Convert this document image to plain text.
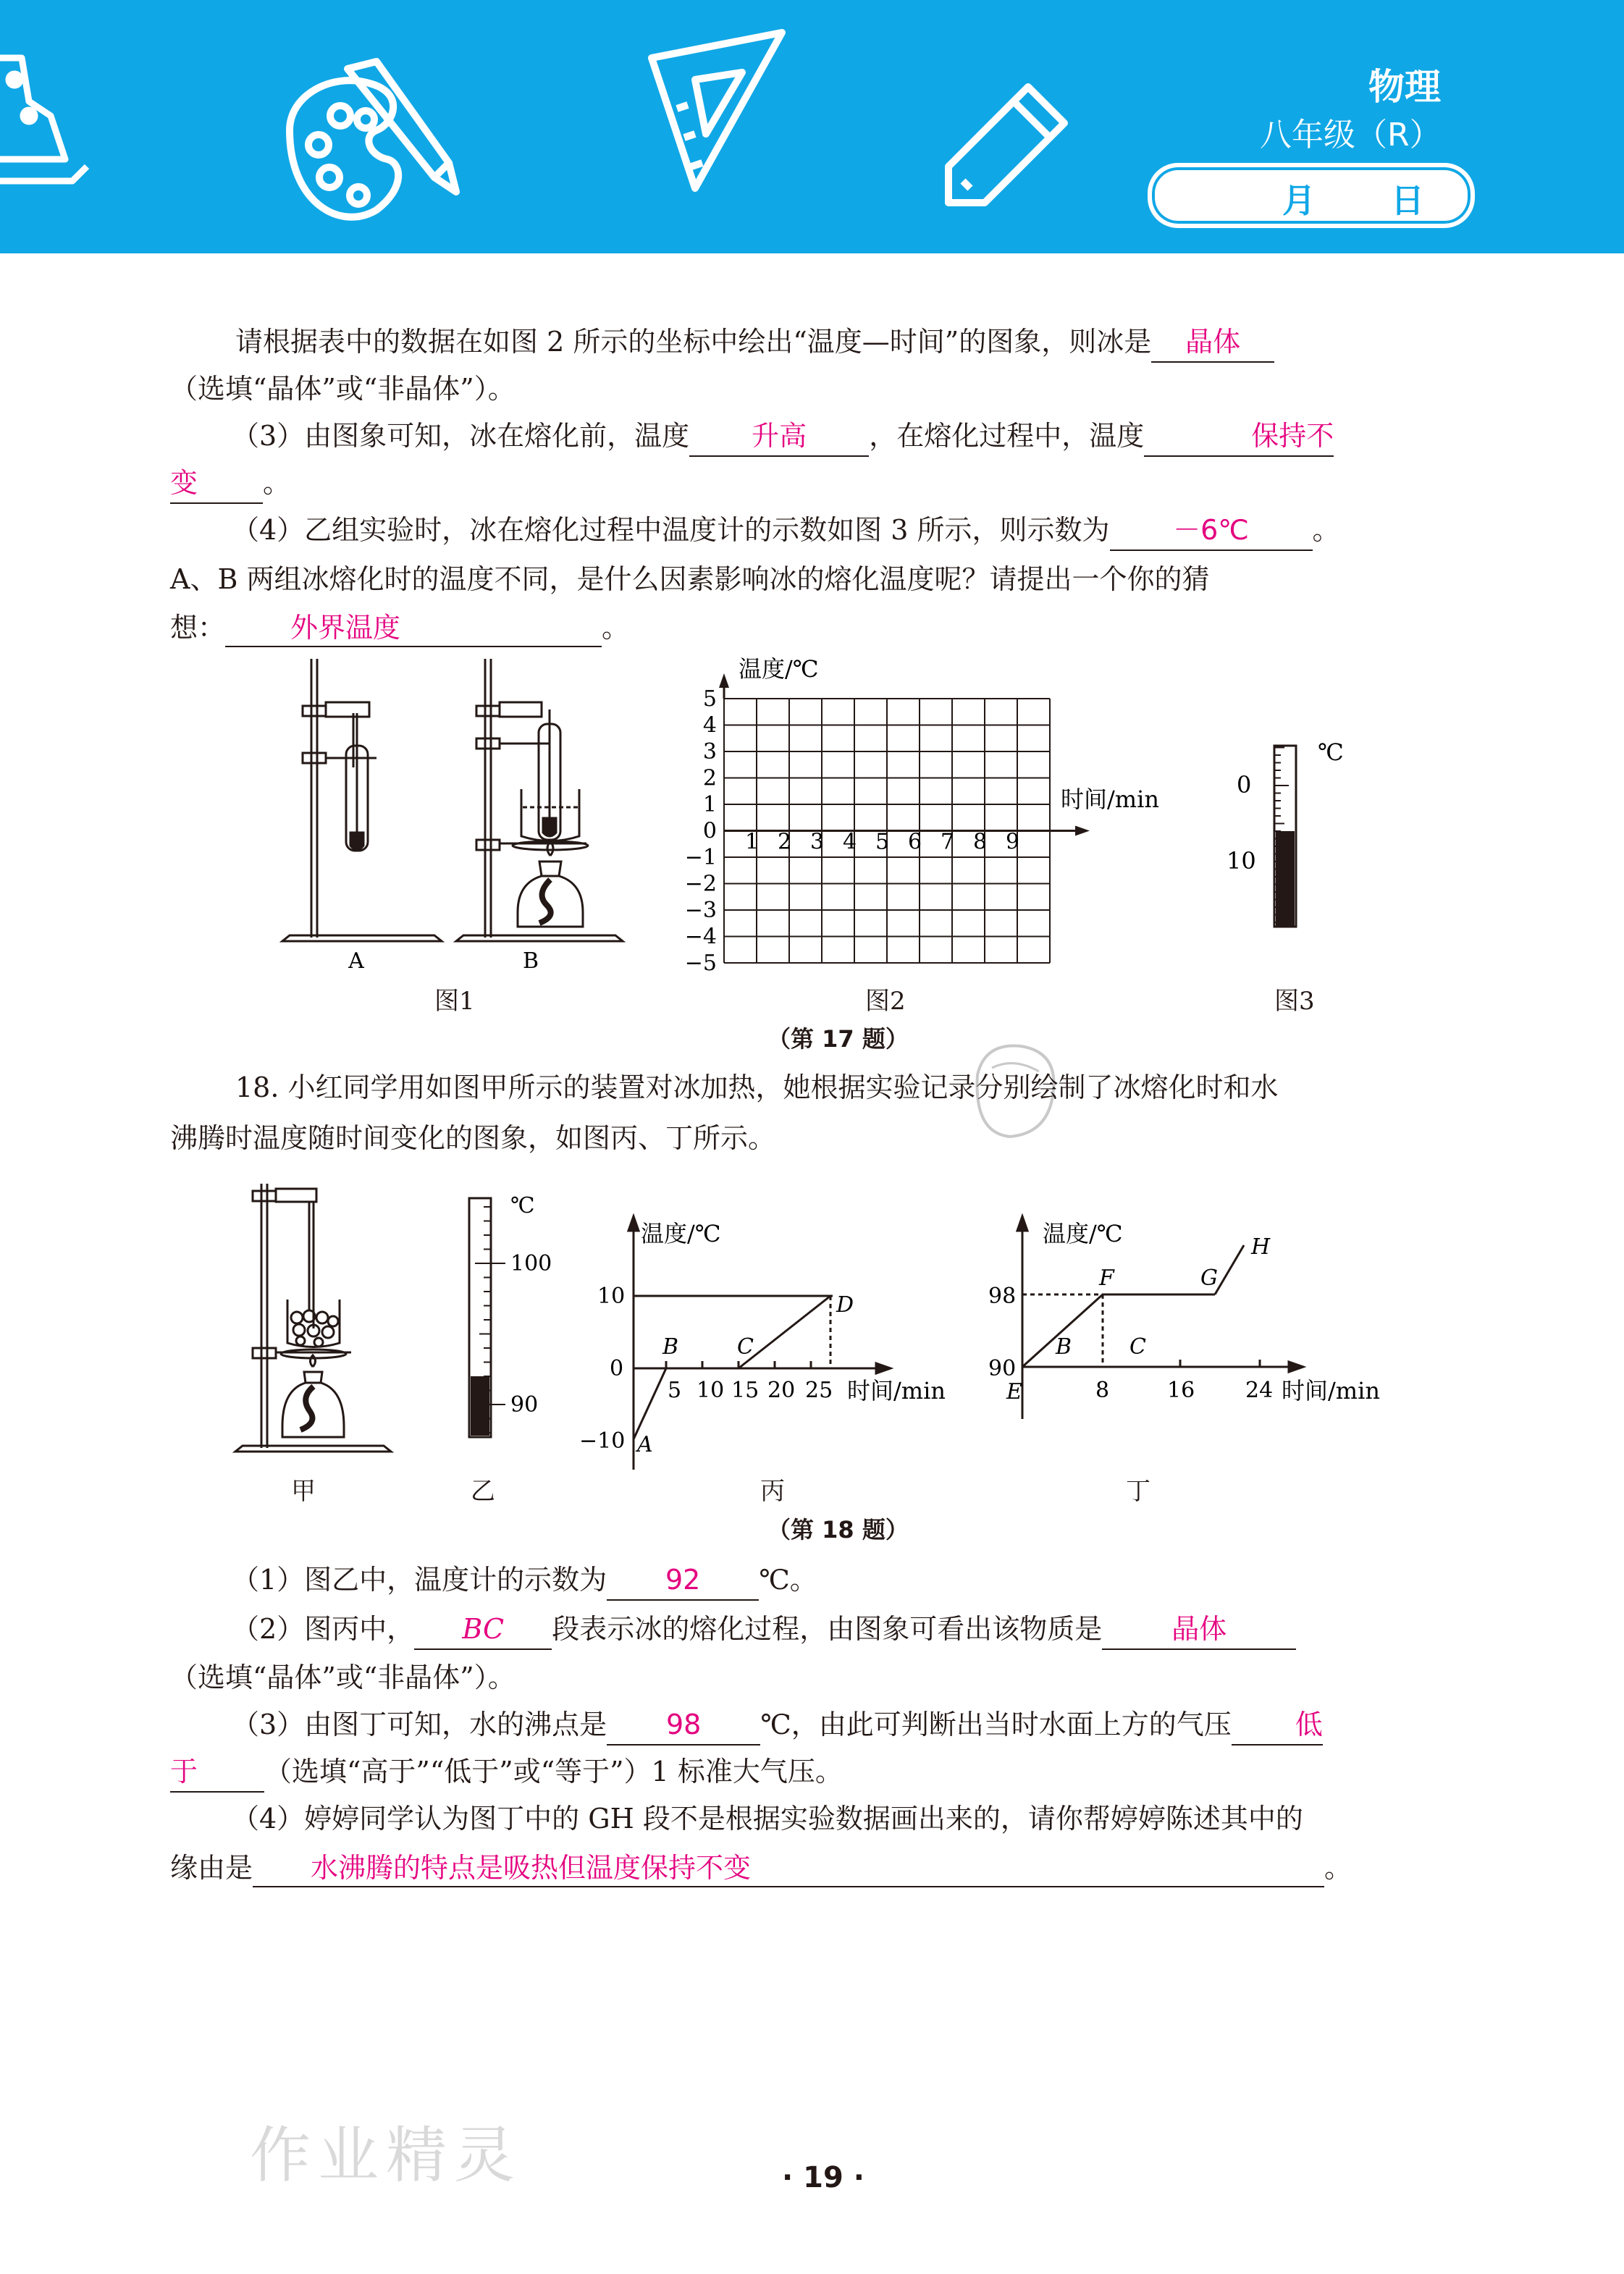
物理
八年级（R）
月 日
请根据表中的数据在如图 2 所示的坐标中绘出“温度—时间”的图象，则冰是 晶体
（选填“晶体”或“非晶体”）。
（3）由图象可知，冰在熔化前，温度 升高 ，在熔化过程中，温度	保持不
变 。
（4）乙组实验时，冰在熔化过程中温度计的示数如图 3 所示，则示数为 －6℃ 。
A、B 两组冰熔化时的温度不同，是什么因素影响冰的熔化温度呢？请提出一个你的猜
想： 外界温度	。
A	B
图1
温度/℃
时间/min
5
4
3
2
1
0
−1
−2
−3
−4
−5
1 2 3 4 5 6 7 8 9
图2
℃
0
10
图3
（第 17 题）
18. 小红同学用如图甲所示的装置对冰加热，她根据实验记录分别绘制了冰熔化时和水
沸腾时温度随时间变化的图象，如图丙、丁所示。
℃
100
90
温度/℃
时间/min
10
0
−10
5 10 15 20 25
A
B	C
D
温度/℃
时间/min
98
90
8	16 24
E
B	C
F	G
H
甲	乙	丙	丁
（第 18 题）
（1）图乙中，温度计的示数为 92 ℃。
（2）图丙中， BC 段表示冰的熔化过程，由图象可看出该物质是	晶体
（选填“晶体”或“非晶体”）。
（3）由图丁可知，水的沸点是 98 ℃，由此可判断出当时水面上方的气压 低
于 （选填“高于”“低于”或“等于”）1 标准大气压。
（4）婷婷同学认为图丁中的 GH 段不是根据实验数据画出来的，请你帮婷婷陈述其中的
缘由是 水沸腾的特点是吸热但温度保持不变	。
作业精灵	· 19 ·
